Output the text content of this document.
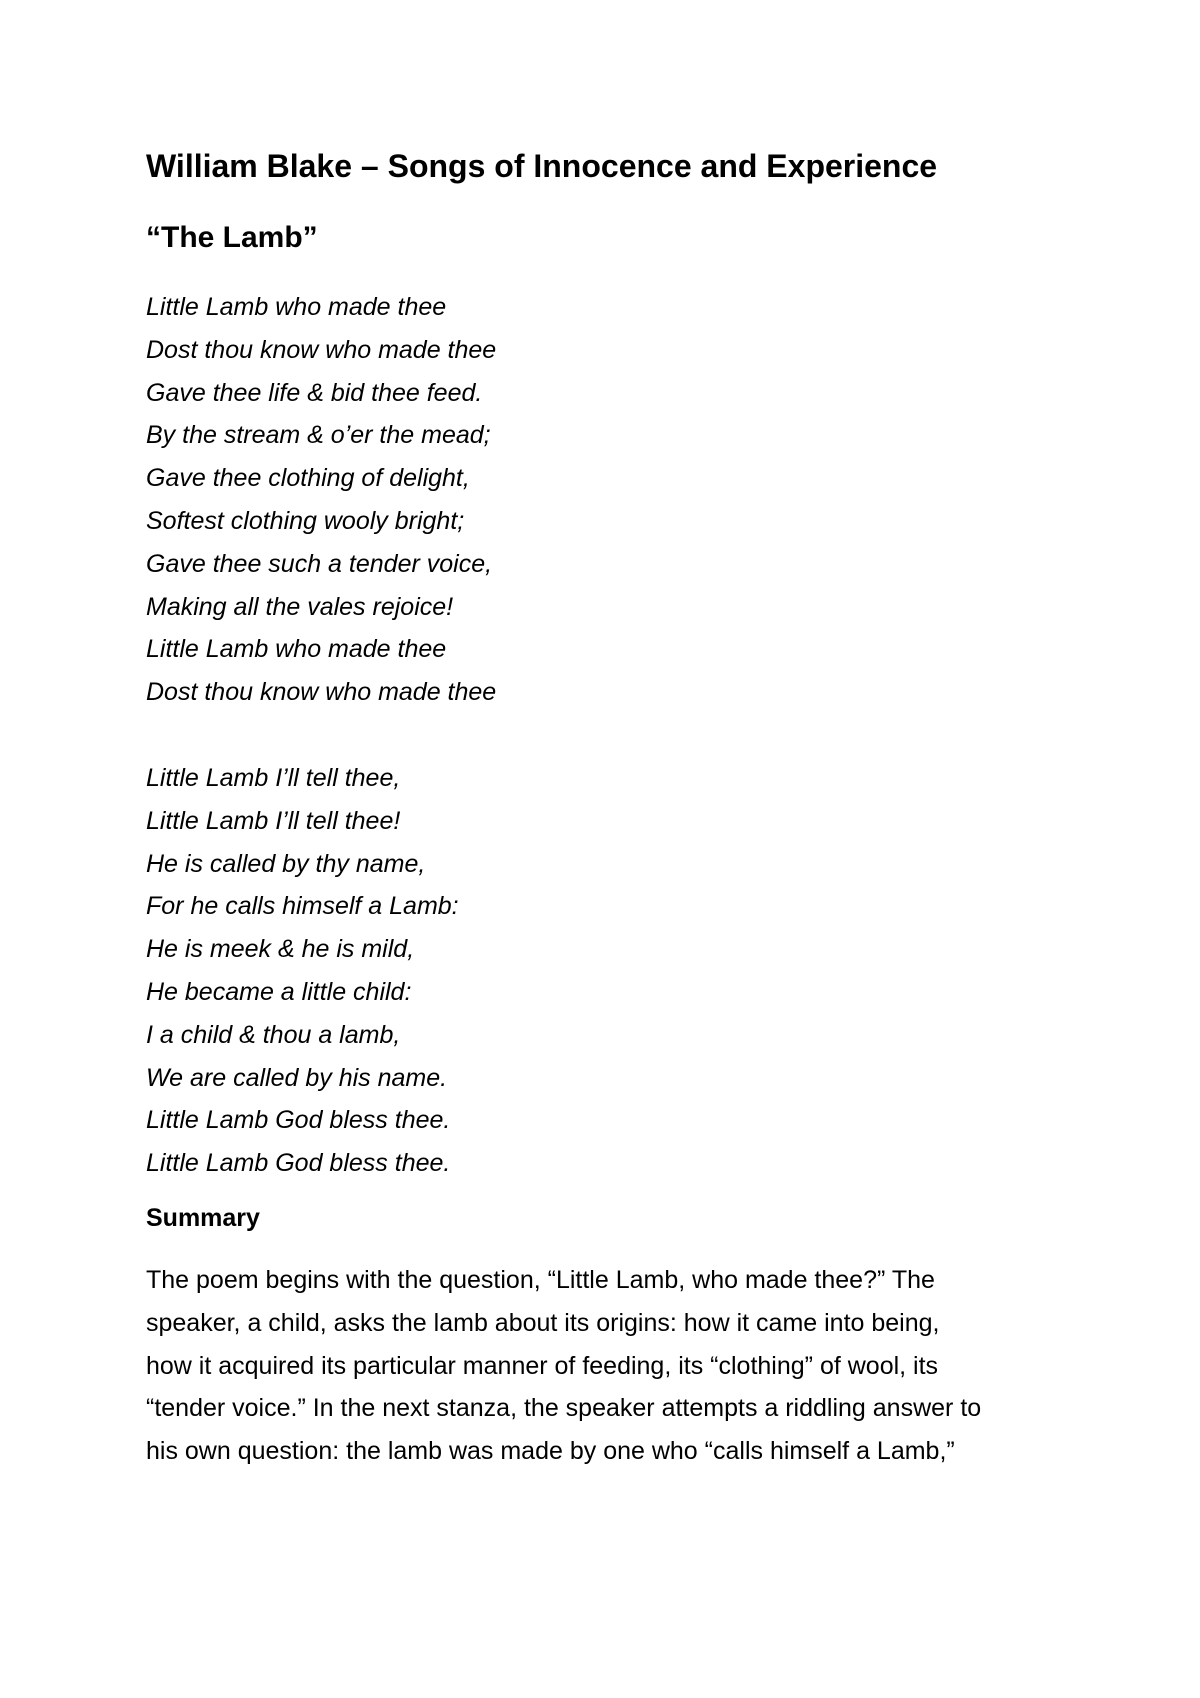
William Blake – Songs of Innocence and Experience
“The Lamb”
Little Lamb who made thee
Dost thou know who made thee
Gave thee life & bid thee feed.
By the stream & o’er the mead;
Gave thee clothing of delight,
Softest clothing wooly bright;
Gave thee such a tender voice,
Making all the vales rejoice!
Little Lamb who made thee
Dost thou know who made thee
Little Lamb I’ll tell thee,
Little Lamb I’ll tell thee!
He is called by thy name,
For he calls himself a Lamb:
He is meek & he is mild,
He became a little child:
I a child & thou a lamb,
We are called by his name.
Little Lamb God bless thee.
Little Lamb God bless thee.
Summary
The poem begins with the question, “Little Lamb, who made thee?” The
speaker, a child, asks the lamb about its origins: how it came into being,
how it acquired its particular manner of feeding, its “clothing” of wool, its
“tender voice.” In the next stanza, the speaker attempts a riddling answer to
his own question: the lamb was made by one who “calls himself a Lamb,”
